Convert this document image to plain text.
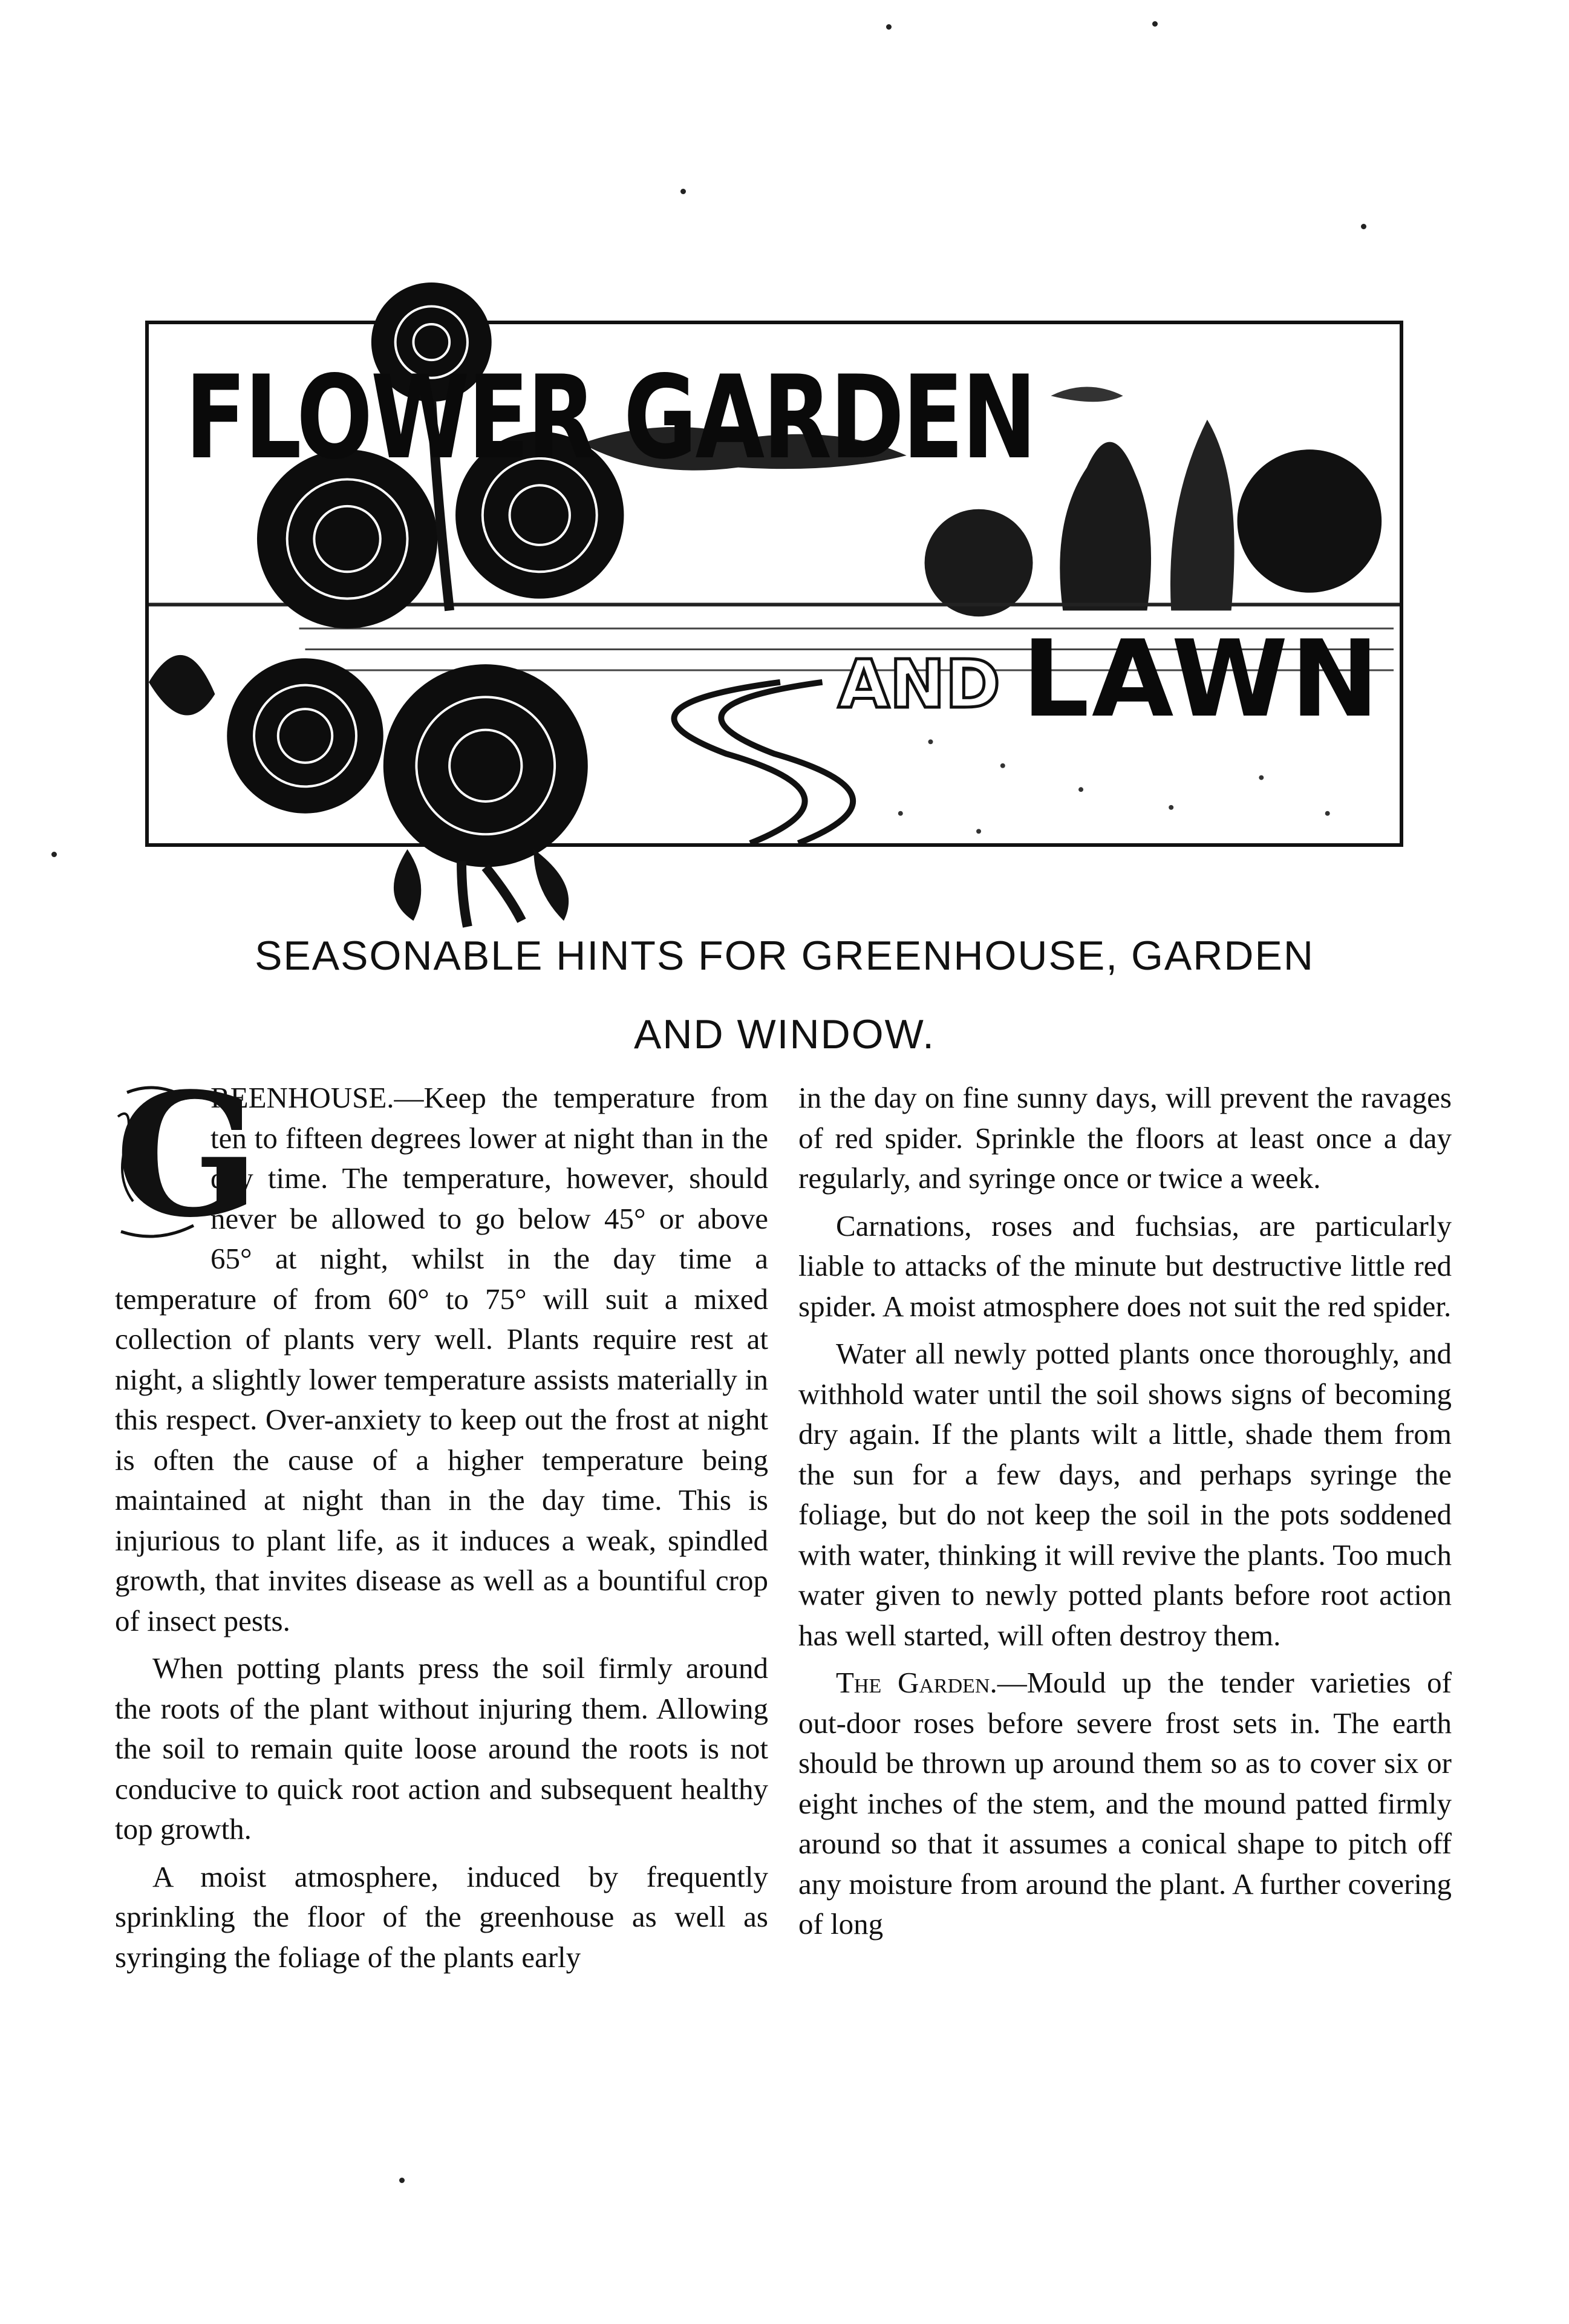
FLOWER GARDEN
AND LAWN
SEASONABLE HINTS FOR GREENHOUSE, GARDEN
AND WINDOW.

G
REENHOUSE.—Keep the temperature from ten to fifteen degrees lower at night than in the day time. The temperature, however, should never be allowed to go below 45° or above 65° at night, whilst in the day time a temperature of from 60° to 75° will suit a mixed collection of plants very well. Plants require rest at night, a slightly lower temperature assists materially in this respect. Over-anxiety to keep out the frost at night is often the cause of a higher temperature being maintained at night than in the day time. This is injurious to plant life, as it induces a weak, spindled growth, that invites disease as well as a bountiful crop of insect pests.

When potting plants press the soil firmly around the roots of the plant without injuring them. Allowing the soil to remain quite loose around the roots is not conducive to quick root action and subsequent healthy top growth.

A moist atmosphere, induced by frequently sprinkling the floor of the greenhouse as well as syringing the foliage of the plants early

in the day on fine sunny days, will prevent the ravages of red spider. Sprinkle the floors at least once a day regularly, and syringe once or twice a week.

Carnations, roses and fuchsias, are particularly liable to attacks of the minute but destructive little red spider. A moist atmosphere does not suit the red spider.

Water all newly potted plants once thoroughly, and withhold water until the soil shows signs of becoming dry again. If the plants wilt a little, shade them from the sun for a few days, and perhaps syringe the foliage, but do not keep the soil in the pots soddened with water, thinking it will revive the plants. Too much water given to newly potted plants before root action has well started, will often destroy them.

The Garden.—Mould up the tender varieties of out-door roses before severe frost sets in. The earth should be thrown up around them so as to cover six or eight inches of the stem, and the mound patted firmly around so that it assumes a conical shape to pitch off any moisture from around the plant. A further covering of long
